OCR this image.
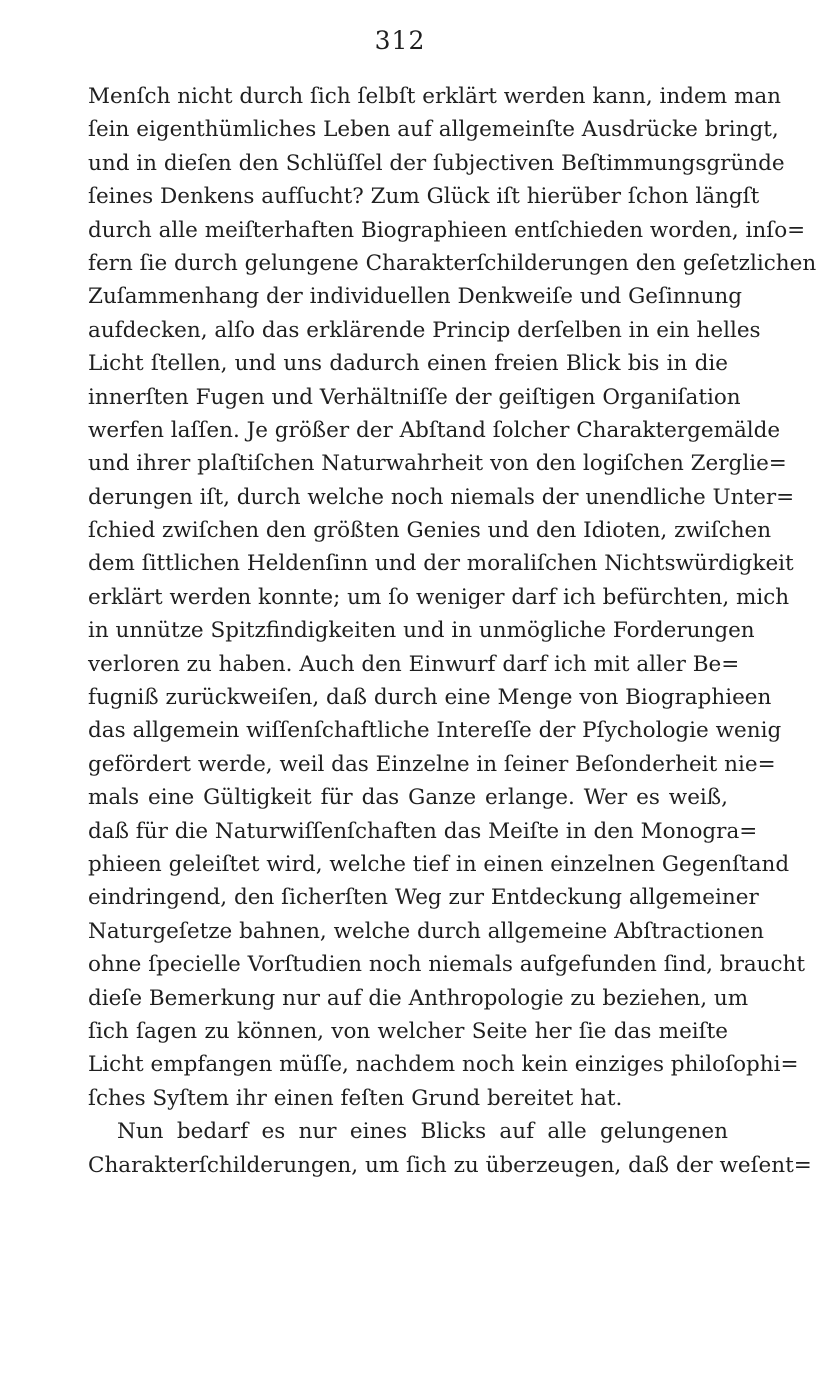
312
Menſch nicht durch ſich ſelbſt erklärt werden kann, indem man
ſein eigenthümliches Leben auf allgemeinſte Ausdrücke bringt,
und in dieſen den Schlüſſel der ſubjectiven Beſtimmungsgründe
ſeines Denkens aufſucht? Zum Glück iſt hierüber ſchon längſt
durch alle meiſterhaften Biographieen entſchieden worden, inſo=
fern ſie durch gelungene Charakterſchilderungen den geſetzlichen
Zuſammenhang der individuellen Denkweiſe und Geſinnung
aufdecken, alſo das erklärende Princip derſelben in ein helles
Licht ſtellen, und uns dadurch einen freien Blick bis in die
innerſten Fugen und Verhältniſſe der geiſtigen Organiſation
werfen laſſen. Je größer der Abſtand ſolcher Charaktergemälde
und ihrer plaſtiſchen Naturwahrheit von den logiſchen Zerglie=
derungen iſt, durch welche noch niemals der unendliche Unter=
ſchied zwiſchen den größten Genies und den Idioten, zwiſchen
dem ſittlichen Heldenſinn und der moraliſchen Nichtswürdigkeit
erklärt werden konnte; um ſo weniger darf ich befürchten, mich
in unnütze Spitzfindigkeiten und in unmögliche Forderungen
verloren zu haben. Auch den Einwurf darf ich mit aller Be=
fugniß zurückweiſen, daß durch eine Menge von Biographieen
das allgemein wiſſenſchaftliche Intereſſe der Pſychologie wenig
gefördert werde, weil das Einzelne in ſeiner Beſonderheit nie=
mals eine Gültigkeit für das Ganze erlange. Wer es weiß,
daß für die Naturwiſſenſchaften das Meiſte in den Monogra=
phieen geleiſtet wird, welche tief in einen einzelnen Gegenſtand
eindringend, den ſicherſten Weg zur Entdeckung allgemeiner
Naturgeſetze bahnen, welche durch allgemeine Abſtractionen
ohne ſpecielle Vorſtudien noch niemals aufgefunden ſind, braucht
dieſe Bemerkung nur auf die Anthropologie zu beziehen, um
ſich ſagen zu können, von welcher Seite her ſie das meiſte
Licht empfangen müſſe, nachdem noch kein einziges philoſophi=
ſches Syſtem ihr einen feſten Grund bereitet hat.
Nun bedarf es nur eines Blicks auf alle gelungenen
Charakterſchilderungen, um ſich zu überzeugen, daß der weſent=
